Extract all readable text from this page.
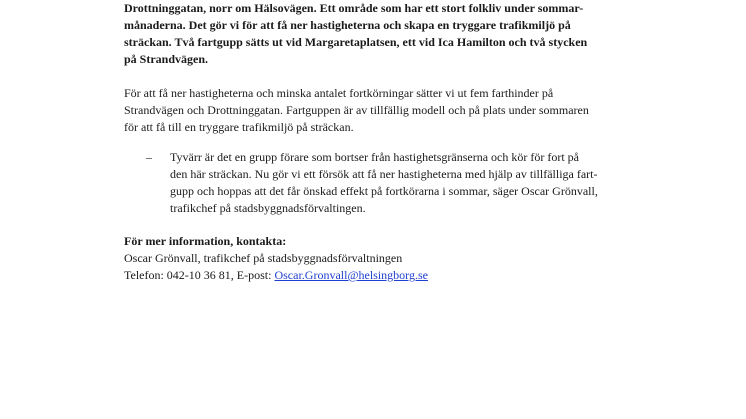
Drottninggatan, norr om Hälsovägen. Ett område som har ett stort folkliv under sommar-
månaderna. Det gör vi för att få ner hastigheterna och skapa en tryggare trafikmiljö på
sträckan. Två fartgupp sätts ut vid Margaretaplatsen, ett vid Ica Hamilton och två stycken
på Strandvägen.

För att få ner hastigheterna och minska antalet fortkörningar sätter vi ut fem farthinder på
Strandvägen och Drottninggatan. Fartguppen är av tillfällig modell och på plats under sommaren
för att få till en tryggare trafikmiljö på sträckan.

– Tyvärr är det en grupp förare som bortser från hastighetsgränserna och kör för fort på
den här sträckan. Nu gör vi ett försök att få ner hastigheterna med hjälp av tillfälliga fart-
gupp och hoppas att det får önskad effekt på fortkörarna i sommar, säger Oscar Grönvall,
trafikchef på stadsbyggnadsförvaltingen.

För mer information, kontakta:
Oscar Grönvall, trafikchef på stadsbyggnadsförvaltningen
Telefon: 042-10 36 81, E-post: Oscar.Gronvall@helsingborg.se
